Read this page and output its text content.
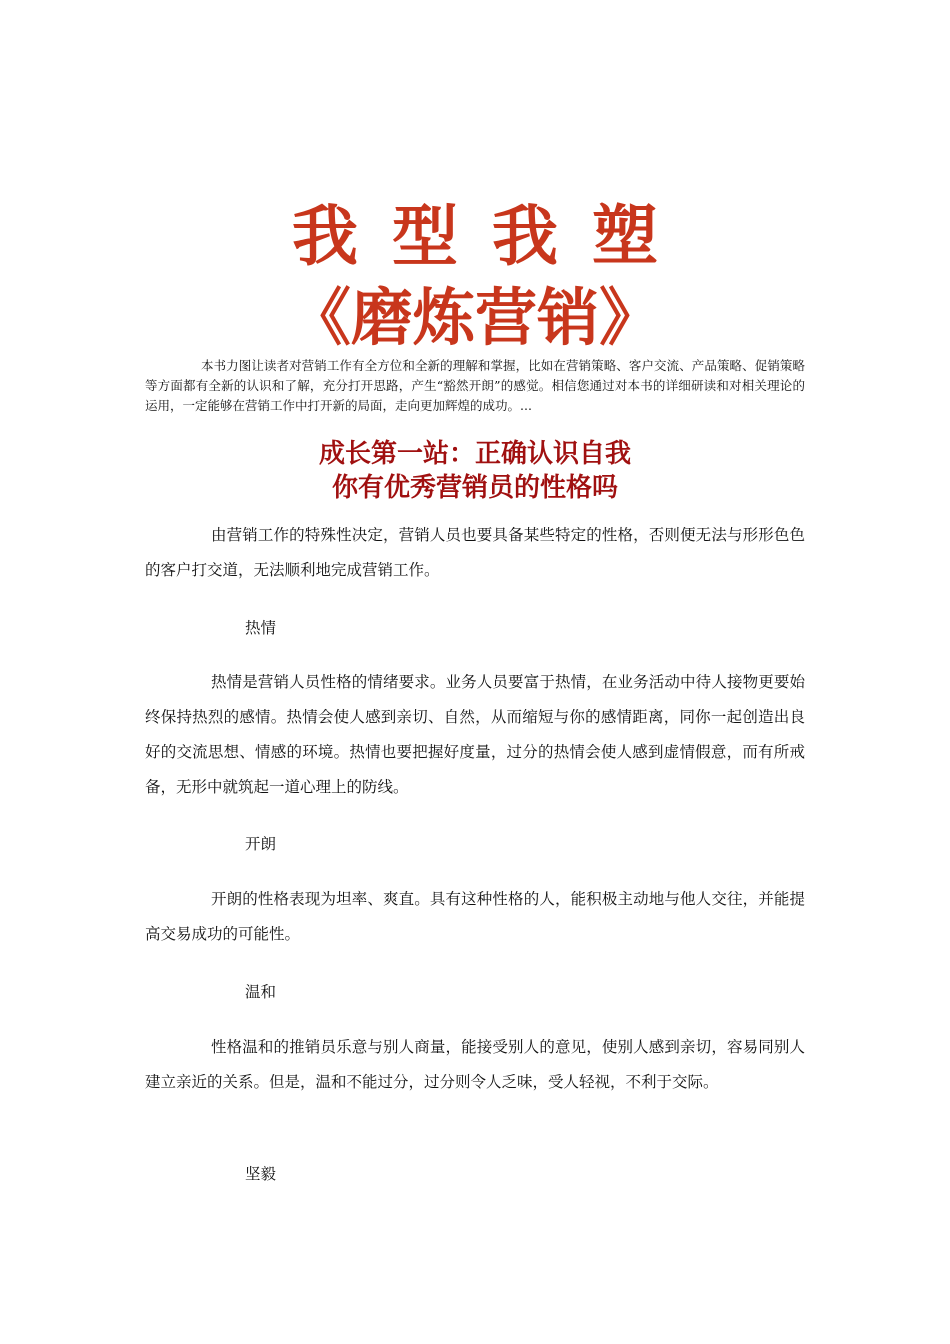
我型我塑
《磨炼营销》

本书力图让读者对营销工作有全方位和全新的理解和掌握，比如在营销策略、客户交流、产品策略、促销策略等方面都有全新的认识和了解，充分打开思路，产生“豁然开朗”的感觉。相信您通过对本书的详细研读和对相关理论的运用，一定能够在营销工作中打开新的局面，走向更加辉煌的成功。...

成长第一站：正确认识自我
你有优秀营销员的性格吗

由营销工作的特殊性决定，营销人员也要具备某些特定的性格，否则便无法与形形色色的客户打交道，无法顺利地完成营销工作。

热情

热情是营销人员性格的情绪要求。业务人员要富于热情，在业务活动中待人接物更要始终保持热烈的感情。热情会使人感到亲切、自然，从而缩短与你的感情距离，同你一起创造出良好的交流思想、情感的环境。热情也要把握好度量，过分的热情会使人感到虚情假意，而有所戒备，无形中就筑起一道心理上的防线。

开朗

开朗的性格表现为坦率、爽直。具有这种性格的人，能积极主动地与他人交往，并能提高交易成功的可能性。

温和

性格温和的推销员乐意与别人商量，能接受别人的意见，使别人感到亲切，容易同别人建立亲近的关系。但是，温和不能过分，过分则令人乏味，受人轻视，不利于交际。

坚毅
